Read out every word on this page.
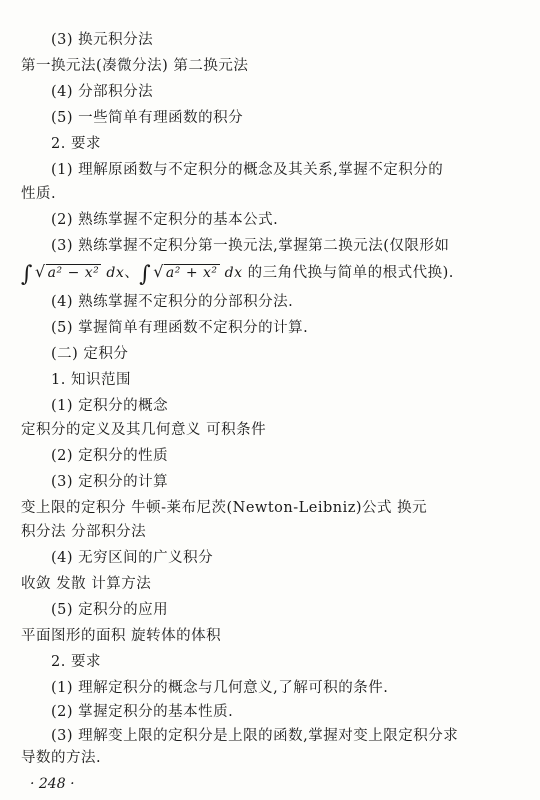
(3) 换元积分法
第一换元法(凑微分法) 第二换元法
(4) 分部积分法
(5) 一些简单有理函数的积分
2. 要求
(1) 理解原函数与不定积分的概念及其关系,掌握不定积分的
性质.
(2) 熟练掌握不定积分的基本公式.
(3) 熟练掌握不定积分第一换元法,掌握第二换元法(仅限形如
∫ √ a² − x² dx、∫ √ a² + x² dx 的三角代换与简单的根式代换).
(4) 熟练掌握不定积分的分部积分法.
(5) 掌握简单有理函数不定积分的计算.
(二) 定积分
1. 知识范围
(1) 定积分的概念
定积分的定义及其几何意义 可积条件
(2) 定积分的性质
(3) 定积分的计算
变上限的定积分 牛顿-莱布尼茨(Newton-Leibniz)公式 换元
积分法 分部积分法
(4) 无穷区间的广义积分
收敛 发散 计算方法
(5) 定积分的应用
平面图形的面积 旋转体的体积
2. 要求
(1) 理解定积分的概念与几何意义,了解可积的条件.
(2) 掌握定积分的基本性质.
(3) 理解变上限的定积分是上限的函数,掌握对变上限定积分求
导数的方法.
· 248 ·
